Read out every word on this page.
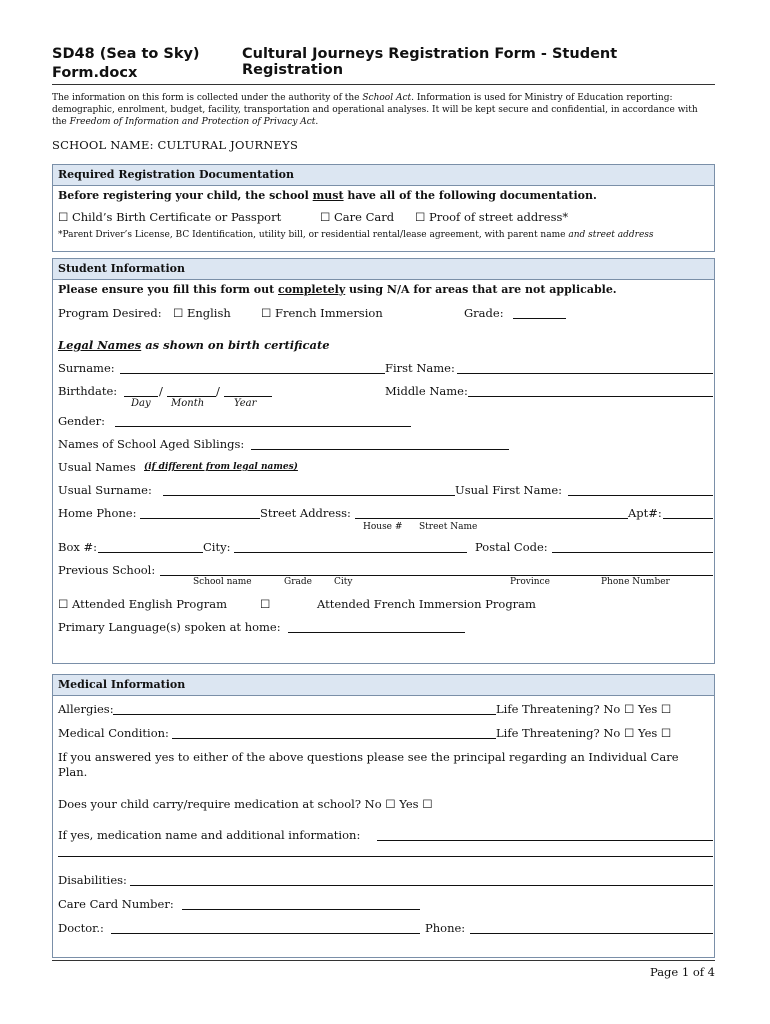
SD48 (Sea to Sky)
Form.docx
Cultural Journeys Registration Form - Student Registration
The information on this form is collected under the authority of the School Act. Information is used for Ministry of Education reporting: demographic, enrolment, budget, facility, transportation and operational analyses. It will be kept secure and confidential, in accordance with the Freedom of Information and Protection of Privacy Act.
SCHOOL NAME: CULTURAL JOURNEYS
Required Registration Documentation
Before registering your child, the school must have all of the following documentation.
☐ Child’s Birth Certificate or Passport	☐ Care Card ☐ Proof of street address*
*Parent Driver’s License, BC Identification, utility bill, or residential rental/lease agreement, with parent name and street address
Student Information
Please ensure you fill this form out completely using N/A for areas that are not applicable.
Program Desired: ☐ English	☐ French Immersion	Grade:
Legal Names as shown on birth certificate
Surname:	First Name:
Birthdate:	/	/
Day Month	Year
Middle Name:
Gender:
Names of School Aged Siblings:
Usual Names (if different from legal names)
Usual Surname:	Usual First Name:
Home Phone:	Street Address:	Apt#:
House # Street Name
Box #:	City:	Postal Code:
Previous School:
School name	Grade City	Province	Phone Number
☐ Attended English Program	☐	Attended French Immersion Program
Primary Language(s) spoken at home:
Medical Information
Allergies:	Life Threatening? No ☐ Yes ☐
Medical Condition:	Life Threatening? No ☐ Yes ☐
If you answered yes to either of the above questions please see the principal regarding an Individual Care Plan.
Does your child carry/require medication at school? No ☐ Yes ☐
If yes, medication name and additional information:
Disabilities:
Care Card Number:
Doctor.:	Phone:
Page 1 of 4
